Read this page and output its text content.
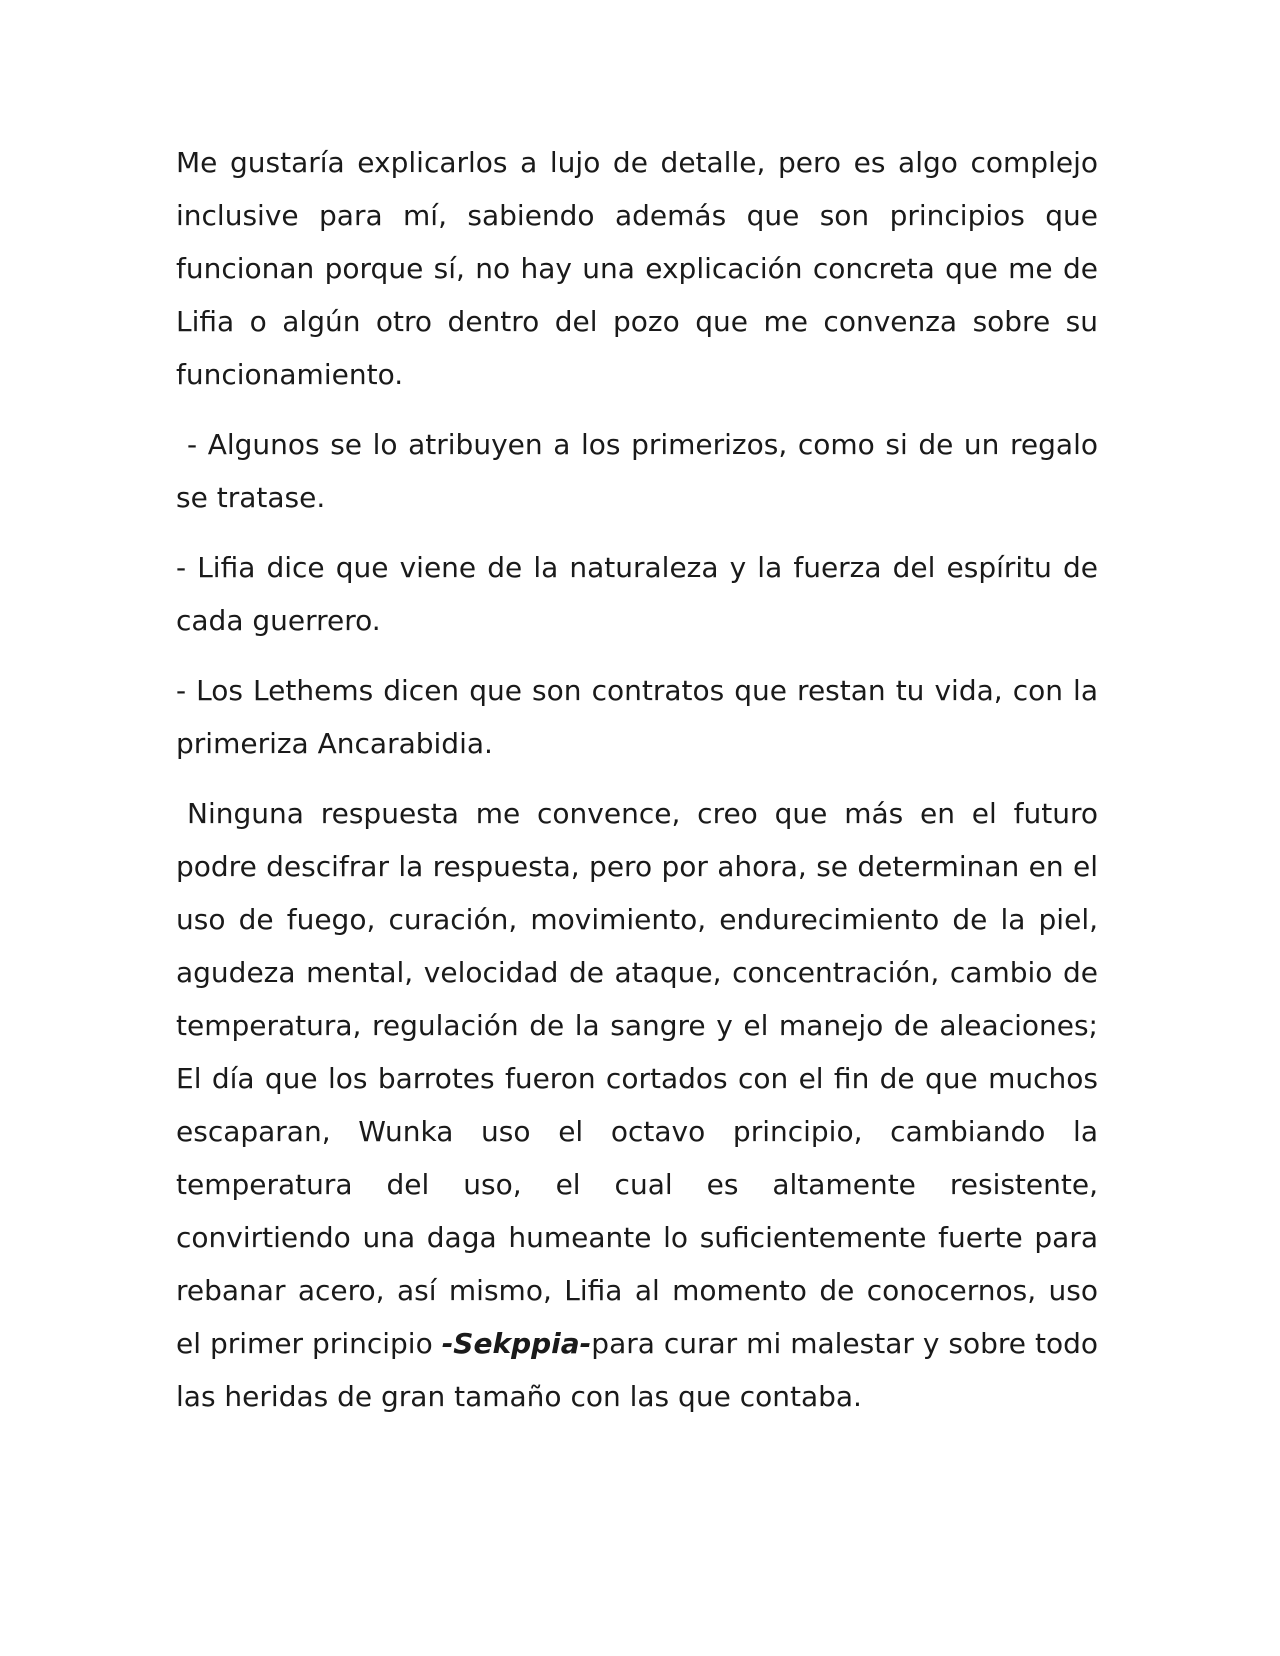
Me gustaría explicarlos a lujo de detalle, pero es algo complejo inclusive para mí, sabiendo además que son principios que funcionan porque sí, no hay una explicación concreta que me de Lifia o algún otro dentro del pozo que me convenza sobre su funcionamiento.

- Algunos se lo atribuyen a los primerizos, como si de un regalo se tratase.

- Lifia dice que viene de la naturaleza y la fuerza del espíritu de cada guerrero.

- Los Lethems dicen que son contratos que restan tu vida, con la primeriza Ancarabidia.

Ninguna respuesta me convence, creo que más en el futuro podre descifrar la respuesta, pero por ahora, se determinan en el uso de fuego, curación, movimiento, endurecimiento de la piel, agudeza mental, velocidad de ataque, concentración, cambio de temperatura, regulación de la sangre y el manejo de aleaciones; El día que los barrotes fueron cortados con el fin de que muchos escaparan, Wunka uso el octavo principio, cambiando la temperatura del uso, el cual es altamente resistente, convirtiendo una daga humeante lo suficientemente fuerte para rebanar acero, así mismo, Lifia al momento de conocernos, uso el primer principio -Sekppia-para curar mi malestar y sobre todo las heridas de gran tamaño con las que contaba.
